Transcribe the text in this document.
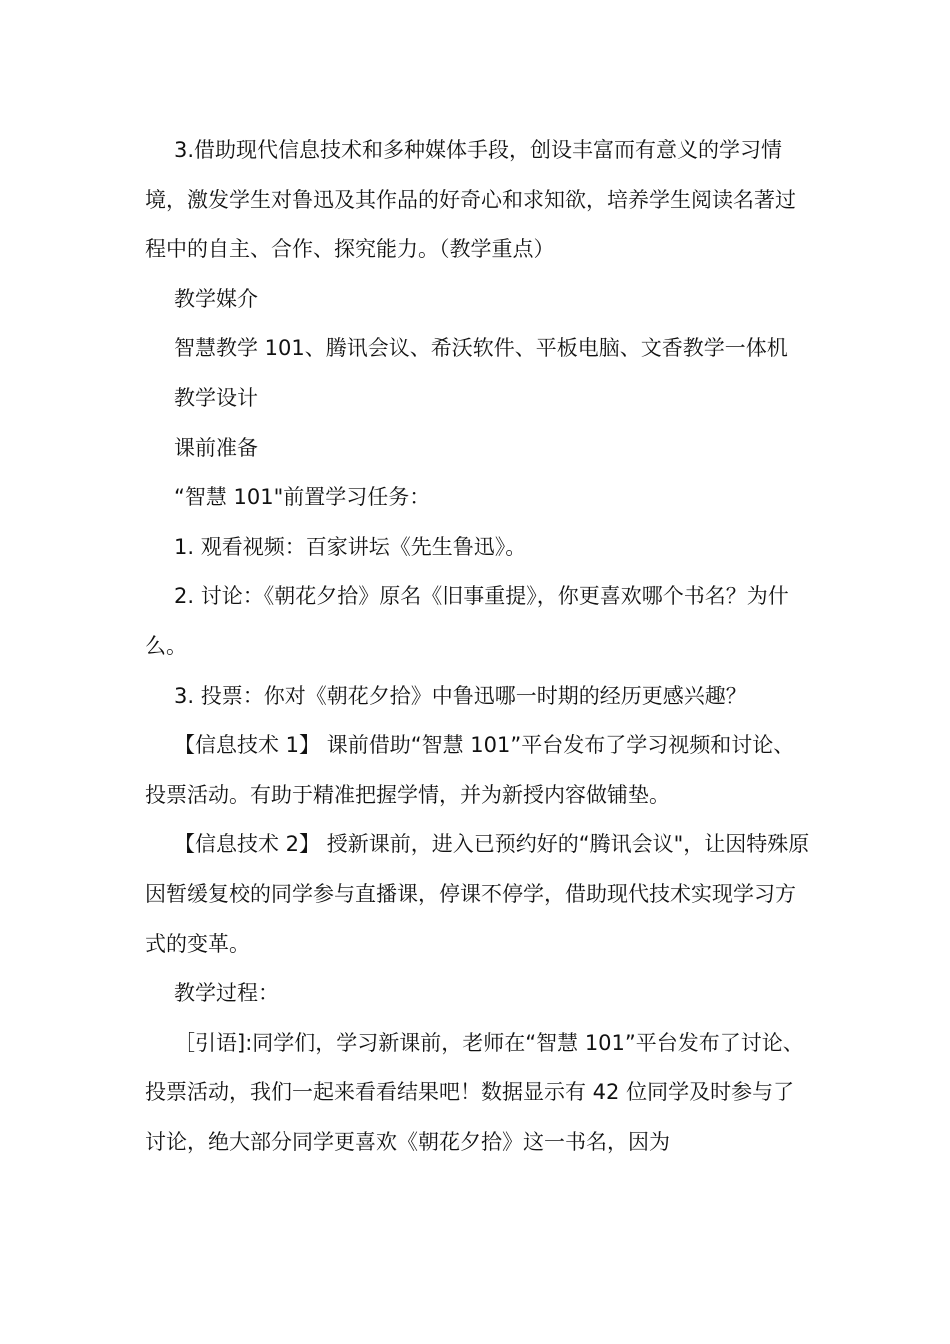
3.借助现代信息技术和多种媒体手段，创设丰富而有意义的学习情境，激发学生对鲁迅及其作品的好奇心和求知欲，培养学生阅读名著过程中的自主、合作、探究能力。（教学重点）

教学媒介

智慧教学 101、腾讯会议、希沃软件、平板电脑、文香教学一体机

教学设计

课前准备

“智慧 101"前置学习任务：

1. 观看视频：百家讲坛《先生鲁迅》。

2. 讨论：《朝花夕拾》原名《旧事重提》，你更喜欢哪个书名？为什么。

3. 投票：你对《朝花夕拾》中鲁迅哪一时期的经历更感兴趣？

【信息技术 1】 课前借助“智慧 101”平台发布了学习视频和讨论、投票活动。有助于精准把握学情，并为新授内容做铺垫。

【信息技术 2】 授新课前，进入已预约好的“腾讯会议"，让因特殊原因暂缓复校的同学参与直播课，停课不停学，借助现代技术实现学习方式的变革。

教学过程：

［引语]:同学们，学习新课前，老师在“智慧 101”平台发布了讨论、投票活动，我们一起来看看结果吧！数据显示有 42 位同学及时参与了讨论，绝大部分同学更喜欢《朝花夕拾》这一书名，因为
